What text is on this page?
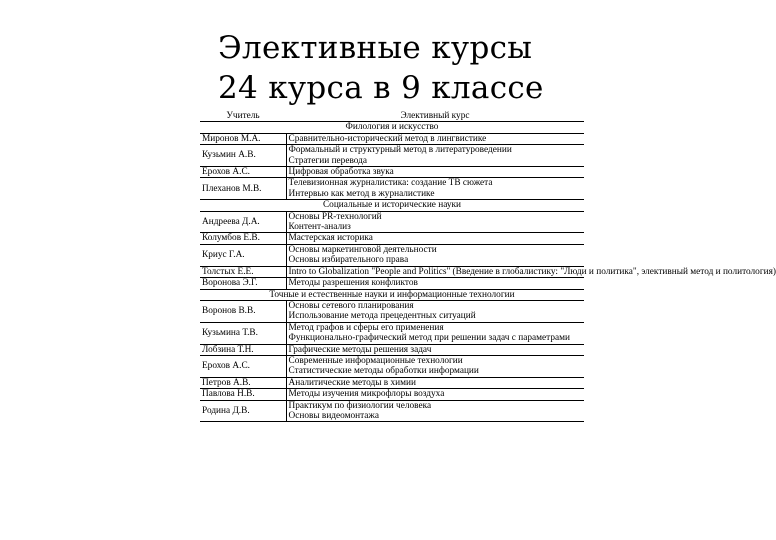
Элективные курсы
24 курса в 9 классе
Учитель	Элективный курс
Филология и искусство	
Миронов М.А.	Сравнительно-исторический метод в лингвистике
Кузьмин А.В.	Формальный и структурный метод в литературоведении
	Стратегии перевода
Ерохов А.С.	Цифровая обработка звука
Плеханов М.В.	Телевизионная журналистика: создание ТВ сюжета
	Интервью как метод в журналистике
Социальные и исторические науки	
Андреева Д.А.	Основы PR-технологий
	Контент-анализ
Колумбов Е.В.	Мастерская историка
Криус Г.А.	Основы маркетинговой деятельности
	Основы избирательного права
Толстых Е.Е.	Intro to Globalization "People and Politics" (Введение в глобалистику: "Люди и политика", элективный метод и политология)
Воронова Э.Г.	Методы разрешения конфликтов
Точные и естественные науки и информационные технологии	
Воронов В.В.	Основы сетевого планирования
	Использование метода прецедентных ситуаций
Кузьмина Т.В.	Метод графов и сферы его применения
	Функционально-графический метод при решении задач с параметрами
Лобзина Т.Н.	Графические методы решения задач
Ерохов А.С.	Современные информационные технологии
	Статистические методы обработки информации
Петров А.В.	Аналитические методы в химии
Павлова Н.В.	Методы изучения микрофлоры воздуха
Родина Д.В.	Практикум по физиологии человека
	Основы видеомонтажа
